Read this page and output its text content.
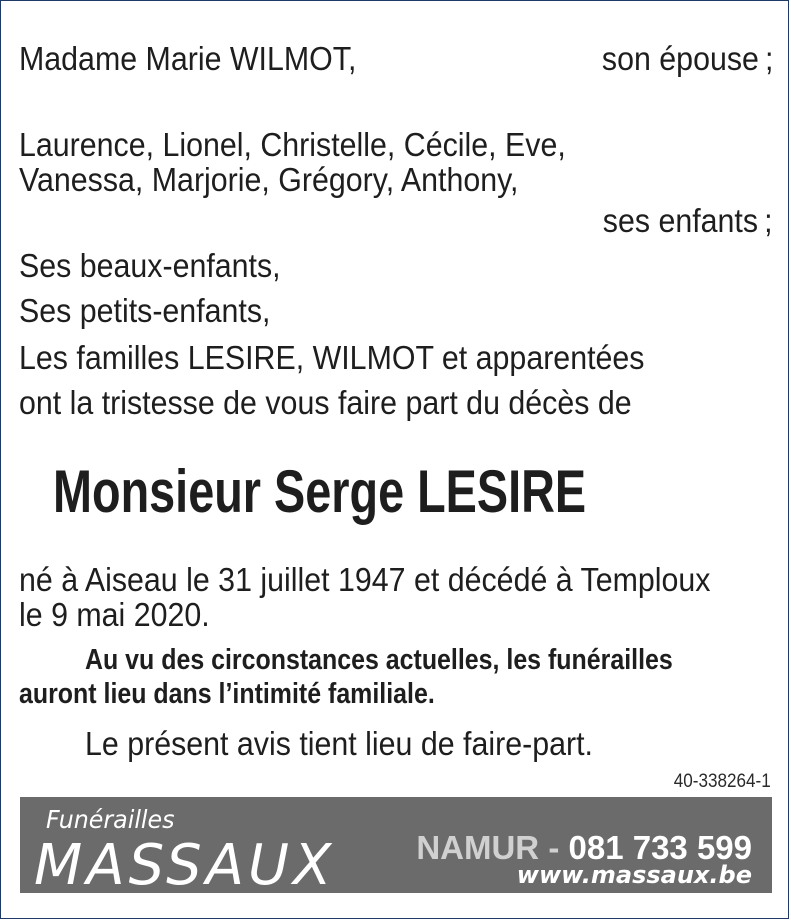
Madame Marie WILMOT,	son épouse ;
Laurence, Lionel, Christelle, Cécile, Eve,
Vanessa, Marjorie, Grégory, Anthony,
ses enfants ;
Ses beaux-enfants,
Ses petits-enfants,
Les familles LESIRE, WILMOT et apparentées
ont la tristesse de vous faire part du décès de
Monsieur Serge LESIRE
né à Aiseau le 31 juillet 1947 et décédé à Temploux
le 9 mai 2020.
Au vu des circonstances actuelles, les funérailles
auront lieu dans l’intimité familiale.
Le présent avis tient lieu de faire-part.
40-338264-1
Funérailles
MASSAUX NAMUR - 081 733 599
www.massaux.be
